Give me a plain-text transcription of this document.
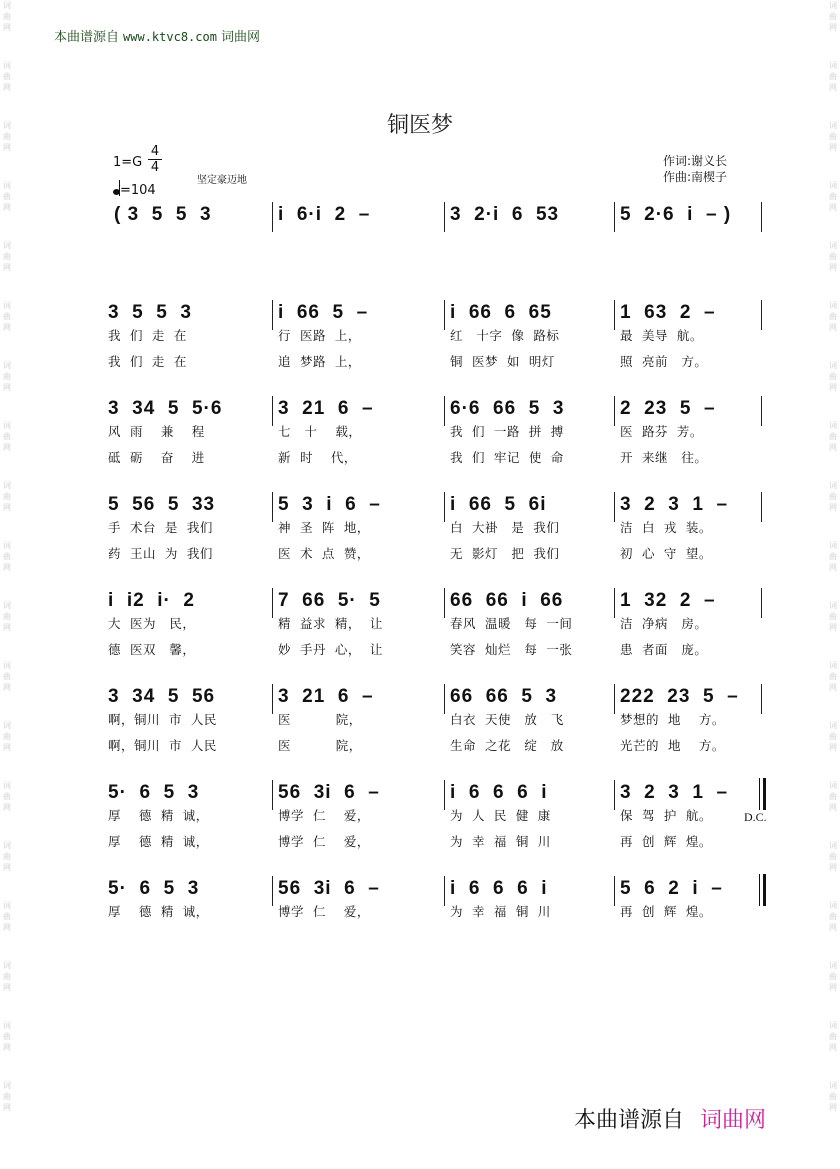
词
曲
网
词
曲
网
词
曲
网
词
曲
网
词
曲
网
词
曲
网
词
曲
网
词
曲
网
词
曲
网
词
曲
网
词
曲
网
词
曲
网
词
曲
网
词
曲
网
词
曲
网
词
曲
网
词
曲
网
词
曲
网
词
曲
网
词
曲
网
词
曲
网
词
曲
网
词
曲
网
词
曲
网
词
曲
网
词
曲
网
词
曲
网
词
曲
网
词
曲
网
词
曲
网
词
曲
网
词
曲
网
词
曲
网
词
曲
网
词
曲
网
词
曲
网
词
曲
网
词
曲
网
本曲谱源自 www.ktvc8.com 词曲网
铜医梦
1=G
4
4
=104
坚定豪迈地
作词:谢义长
作曲:南楔子
( 3  5  5  3	i  6·i  2  –	3  2·i  6  53	5  2·6  i  – )
3  5  5  3	i  66  5  –	i  66  6  65	1  63  2  –
我  们  走  在	行  医路  上，	红   十字  像  路标	最  美导  航。
我  们  走  在	追  梦路  上，	铜  医梦  如  明灯	照  亮前   方。
3  34  5  5·6	3  21  6  –	6·6  66  5  3	2  23  5  –
风  雨    兼    程	七   十    载，	我  们  一路  拼  搏	医  路芬  芳。
砥  砺    奋    进	新  时    代，	我  们  牢记  使  命	开  来继   往。
5  56  5  33	5  3  i  6  –	i  66  5  6i	3  2  3  1  –
手  术台  是  我们	神  圣  阵  地，	白  大褂   是  我们	洁  白  戎  装。
药  王山  为  我们	医  术  点  赞，	无  影灯   把  我们	初  心  守  望。
i  i2  i·  2	7  66  5·  5	66  66  i  66	1  32  2  –
大  医为   民，	精  益求  精，  让	春风  温暖   每  一间	洁  净病   房。
德  医双   馨，	妙  手丹  心，  让	笑容  灿烂   每  一张	患  者面   庞。
3  34  5  56	3  21  6  –	66  66  5  3	222  23  5  –
啊，铜川  市  人民	医          院，	白衣  天使   放   飞	梦想的  地    方。
啊，铜川  市  人民	医          院，	生命  之花   绽   放	光芒的  地    方。
5·  6  5  3	56  3i  6  –	i  6  6  6  i	3  2  3  1  –
厚    德  精  诚，	博学  仁    爱，	为  人  民  健  康	保  驾  护  航。
厚    德  精  诚，	博学  仁    爱，	为  幸  福  铜  川	再  创  辉  煌。
D.C.
5·  6  5  3	56  3i  6  –	i  6  6  6  i	5  6  2  i  –
厚    德  精  诚，	博学  仁    爱，	为  幸  福  铜  川	再  创  辉  煌。
本曲谱源自 词曲网
